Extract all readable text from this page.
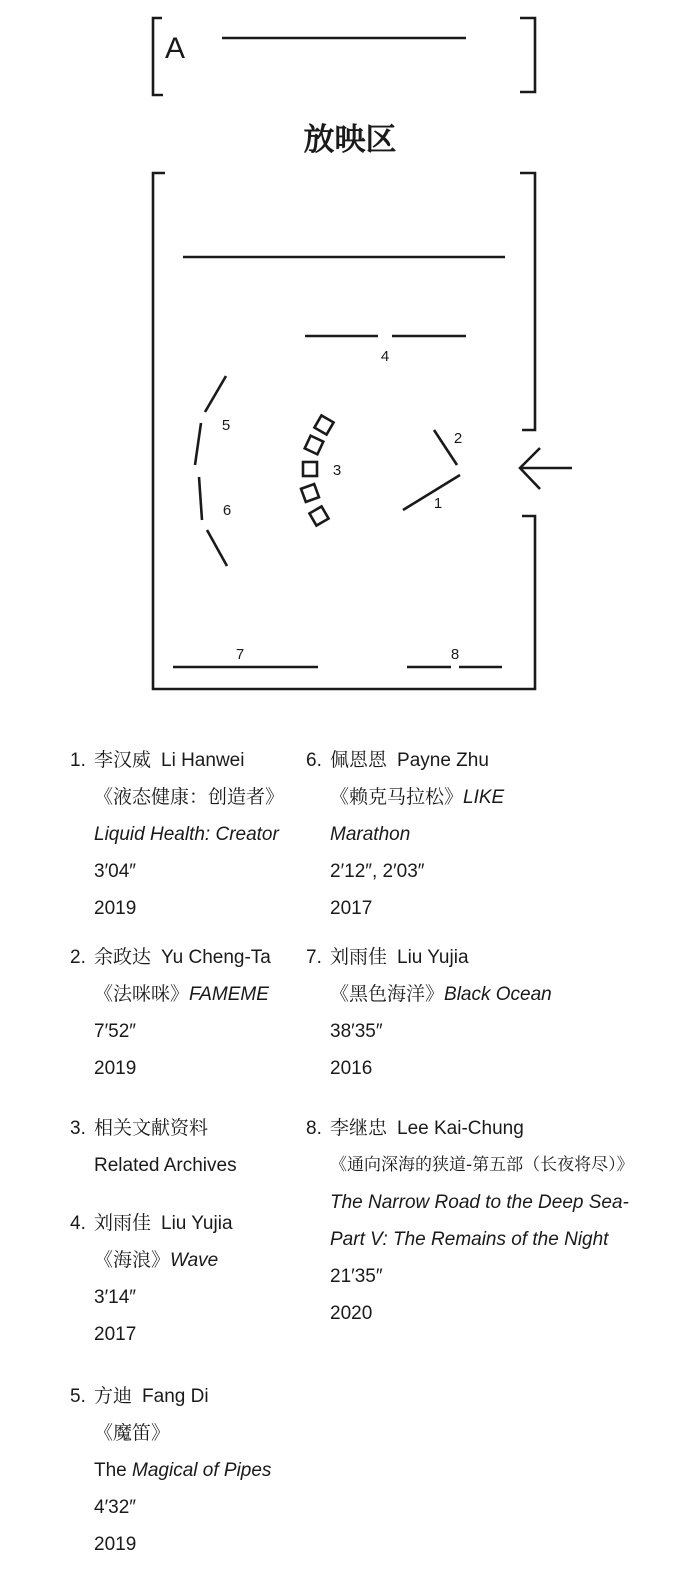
A
放映区
4
5
6
3
2
1
7	8
1. 李汉威 Li Hanwei
《液态健康：创造者》
Liquid Health: Creator
3′04″
2019
2. 余政达 Yu Cheng-Ta
《法咪咪》FAMEME
7′52″
2019
3. 相关文献资料
Related Archives
4. 刘雨佳 Liu Yujia
《海浪》Wave
3′14″
2017
5. 方迪 Fang Di
《魔笛》
The Magical of Pipes
4′32″
2019
6. 佩恩恩 Payne Zhu
《赖克马拉松》LIKE
Marathon
2′12″, 2′03″
2017
7. 刘雨佳 Liu Yujia
《黑色海洋》Black Ocean
38′35″
2016
8. 李继忠 Lee Kai-Chung
《通向深海的狭道-第五部（长夜将尽）》
The Narrow Road to the Deep Sea-
Part V: The Remains of the Night
21′35″
2020
